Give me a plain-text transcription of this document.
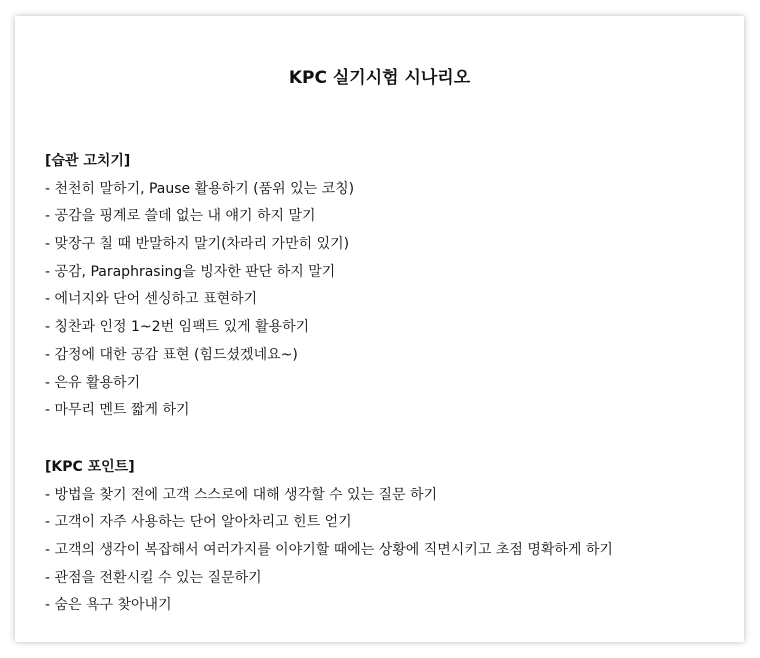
KPC 실기시험 시나리오
[습관 고치기]
- 천천히 말하기, Pause 활용하기 (품위 있는 코칭)
- 공감을 핑계로 쓸데 없는 내 얘기 하지 말기
- 맞장구 칠 때 반말하지 말기(차라리 가만히 있기)
- 공감, Paraphrasing을 빙자한 판단 하지 말기
- 에너지와 단어 센싱하고 표현하기
- 칭찬과 인정 1~2번 임팩트 있게 활용하기
- 감정에 대한 공감 표현 (힘드셨겠네요~)
- 은유 활용하기
- 마무리 멘트 짧게 하기
[KPC 포인트]
- 방법을 찾기 전에 고객 스스로에 대해 생각할 수 있는 질문 하기
- 고객이 자주 사용하는 단어 알아차리고 힌트 얻기
- 고객의 생각이 복잡해서 여러가지를 이야기할 때에는 상황에 직면시키고 초점 명확하게 하기
- 관점을 전환시킬 수 있는 질문하기
- 숨은 욕구 찾아내기
